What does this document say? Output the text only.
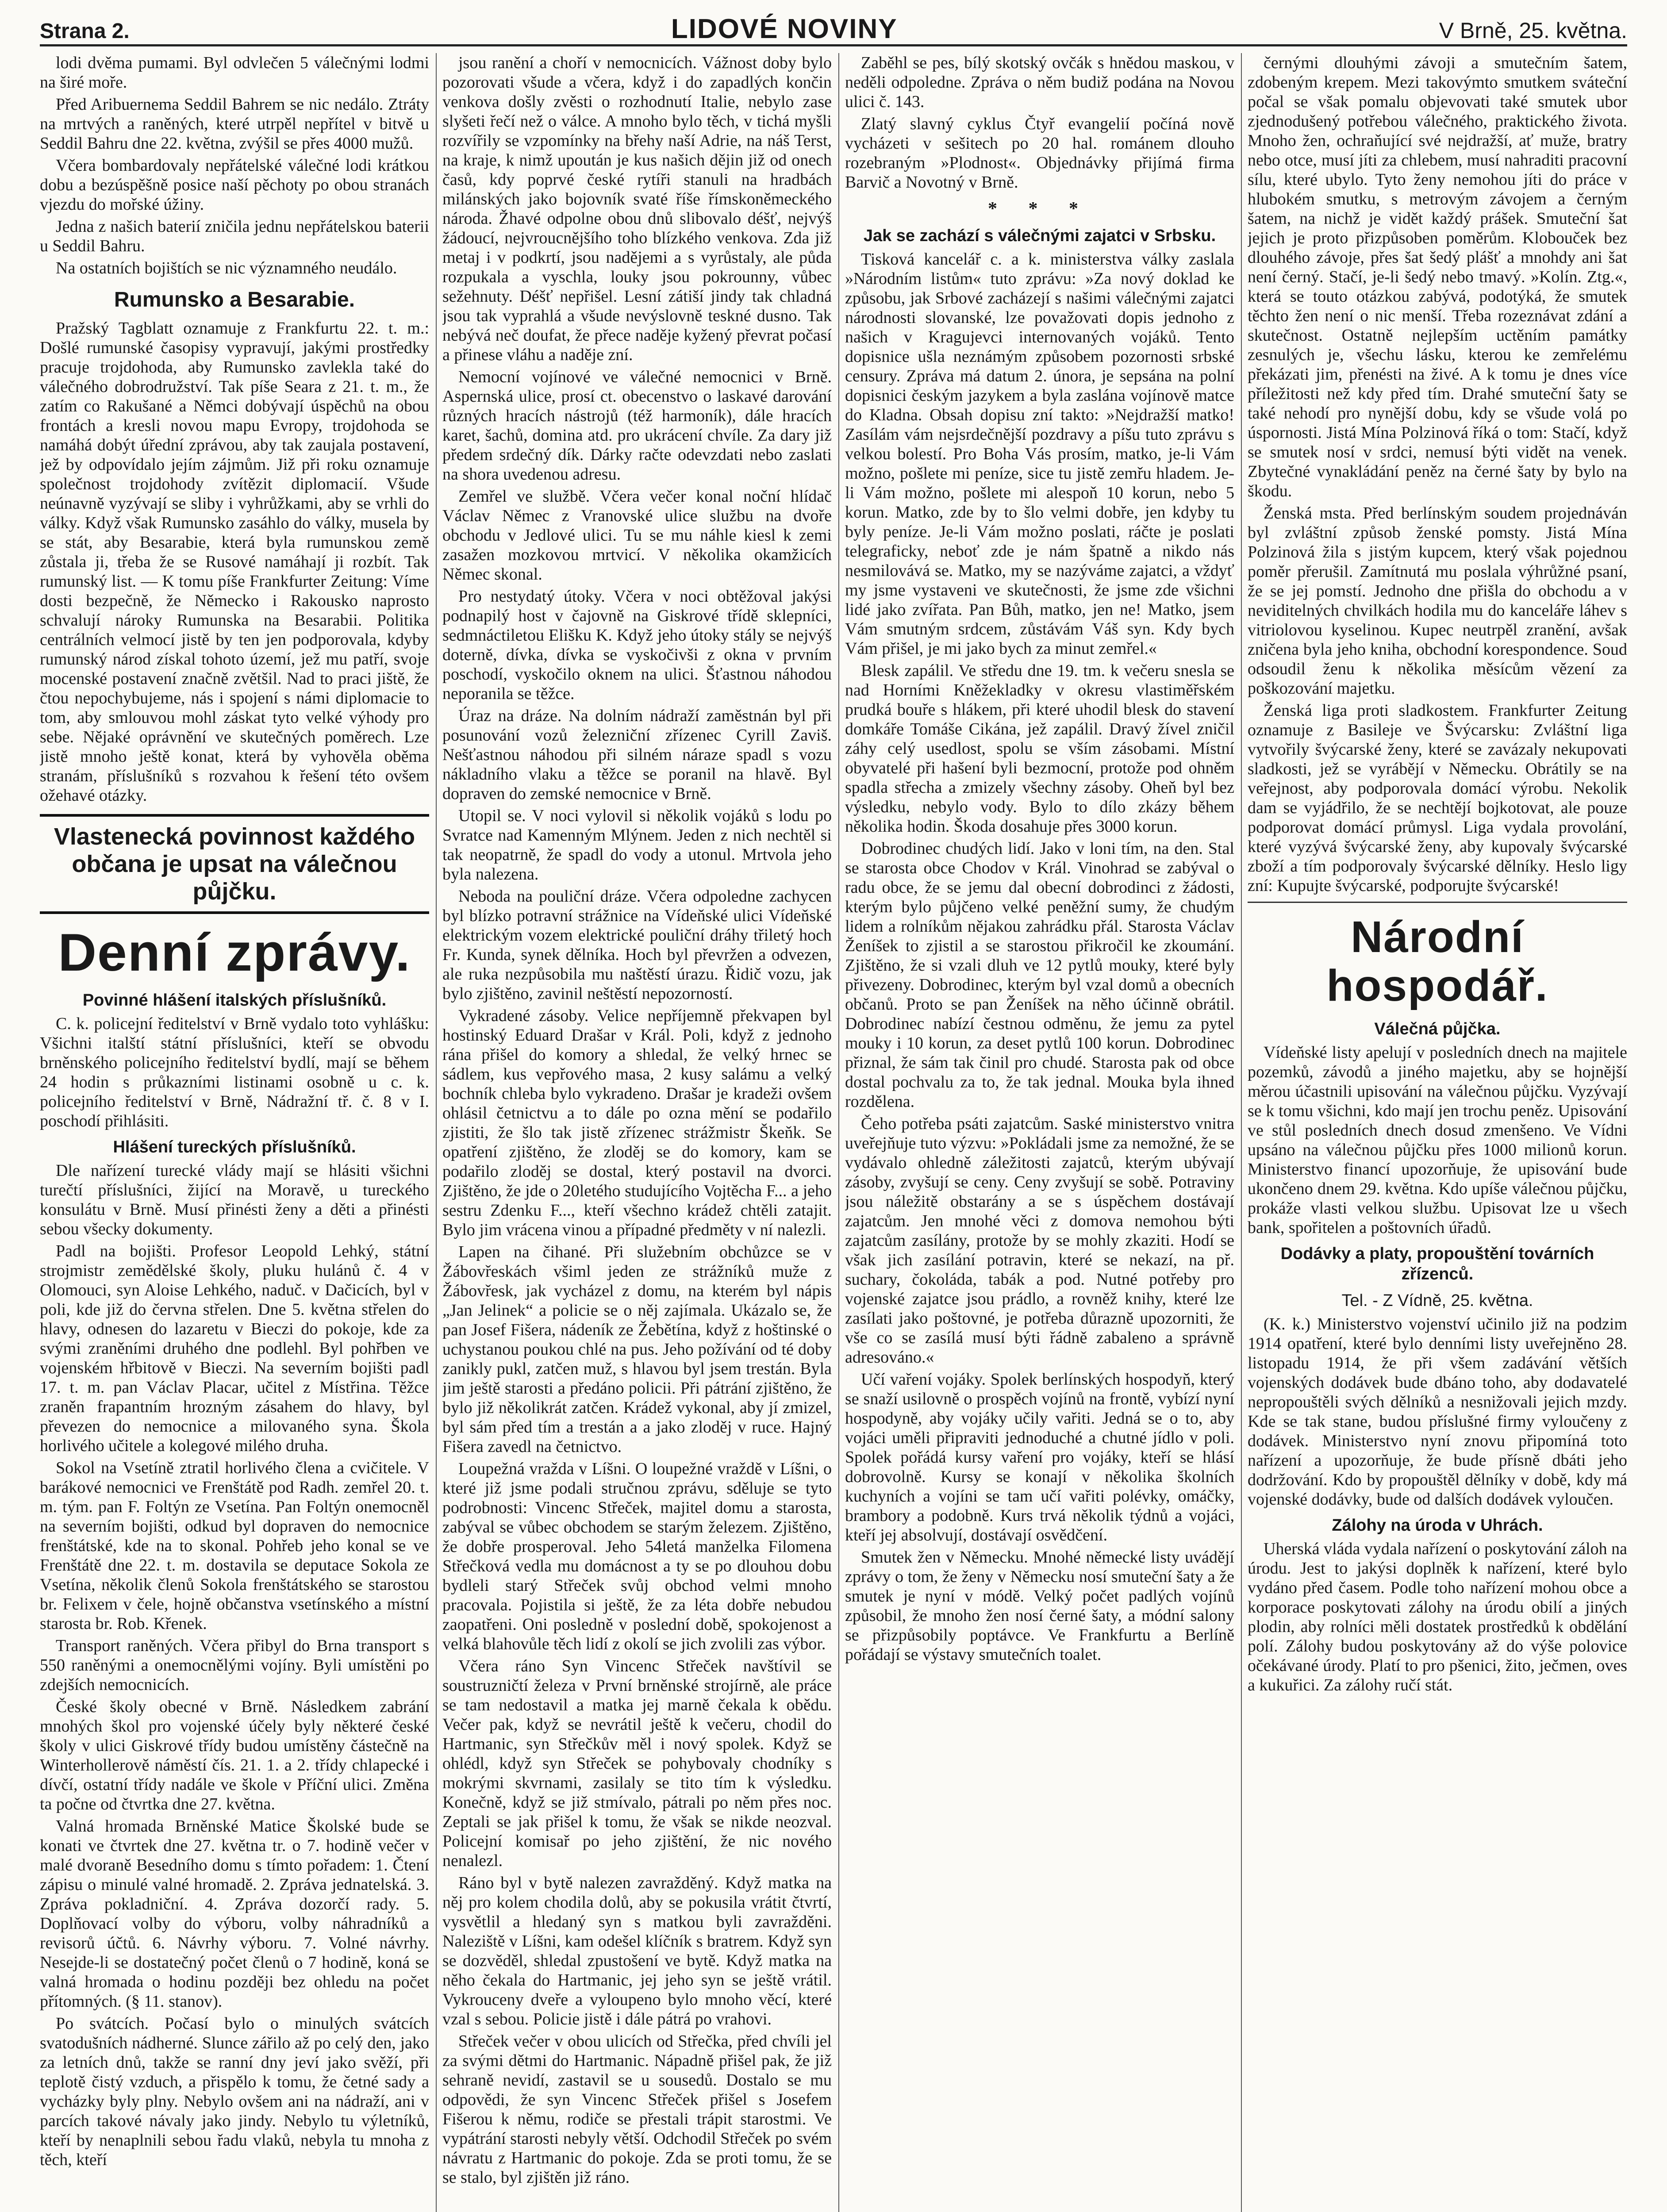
Strana 2.	LIDOVÉ NOVINY	V Brně, 25. května.

lodi dvěma pumami. Byl odvlečen 5 válečnými lodmi na širé moře.

Před Aribuernema Seddil Bahrem se nic nedálo. Ztráty na mrtvých a raněných, které utrpěl nepřítel v bitvě u Seddil Bahru dne 22. května, zvýšil se přes 4000 mužů.

Včera bombardovaly nepřátelské válečné lodi krátkou dobu a bezúspěšně posice naší pěchoty po obou stranách vjezdu do mořské úžiny.

Jedna z našich baterií zničila jednu nepřátelskou baterii u Seddil Bahru.

Na ostatních bojištích se nic významného neudálo.

Rumunsko a Besarabie.

Pražský Tagblatt oznamuje z Frankfurtu 22. t. m.: Došlé rumunské časopisy vypravují, jakými prostředky pracuje trojdohoda, aby Rumunsko zavlekla také do válečného dobrodružství. Tak píše Seara z 21. t. m., že zatím co Rakušané a Němci dobývají úspěchů na obou frontách a kresli novou mapu Evropy, trojdohoda se namáhá dobýt úřední zprávou, aby tak zaujala postavení, jež by odpovídalo jejím zájmům. Již při roku oznamuje společnost trojdohody zvítězit diplomacií. Všude neúnavně vyzývají se sliby i vyhrůžkami, aby se vrhli do války. Když však Rumunsko zasáhlo do války, musela by se stát, aby Besarabie, která byla rumunskou země zůstala ji, třeba že se Rusové namáhají ji rozbít. Tak rumunský list. — K tomu píše Frankfurter Zeitung: Víme dosti bezpečně, že Německo i Rakousko naprosto schvalují nároky Rumunska na Besarabii. Politika centrálních velmocí jistě by ten jen podporovala, kdyby rumunský národ získal tohoto území, jež mu patří, svoje mocenské postavení značně zvětšil. Nad to praci jiště, že čtou nepochybujeme, nás i spojení s námi diplomacie to tom, aby smlouvou mohl záskat tyto velké výhody pro sebe. Nějaké oprávnění ve skutečných poměrech. Lze jistě mnoho ještě konat, která by vyhověla oběma stranám, příslušníků s rozvahou k řešení této ovšem ožehavé otázky.

Vlastenecká povinnost každého občana je upsat na válečnou půjčku.
Denní zprávy.
Povinné hlášení italských příslušníků.

C. k. policejní ředitelství v Brně vydalo toto vyhlášku: Všichni italští státní příslušníci, kteří se obvodu brněnského policejního ředitelství bydlí, mají se během 24 hodin s průkazními listinami osobně u c. k. policejního ředitelství v Brně, Nádražní tř. č. 8 v I. poschodí přihlásiti.

Hlášení tureckých příslušníků.

Dle nařízení turecké vlády mají se hlásiti všichni turečtí příslušníci, žijící na Moravě, u tureckého konsulátu v Brně. Musí přinésti ženy a děti a přinésti sebou všecky dokumenty.

Padl na bojišti. Profesor Leopold Lehký, státní strojmistr zemědělské školy, pluku hulánů č. 4 v Olomouci, syn Aloise Lehkého, naduč. v Dačicích, byl v poli, kde již do června střelen. Dne 5. května střelen do hlavy, odnesen do lazaretu v Bieczi do pokoje, kde za svými zraněními druhého dne podlehl. Byl pohřben ve vojenském hřbitově v Bieczi. Na severním bojišti padl 17. t. m. pan Václav Placar, učitel z Místřina. Těžce zraněn frapantním hrozným zásahem do hlavy, byl převezen do nemocnice a milovaného syna. Škola horlivého učitele a kolegové milého druha.

Sokol na Vsetíně ztratil horlivého člena a cvičitele. V barákové nemocnici ve Frenštátě pod Radh. zemřel 20. t. m. tým. pan F. Foltýn ze Vsetína. Pan Foltýn onemocněl na severním bojišti, odkud byl dopraven do nemocnice frenštátské, kde na to skonal. Pohřeb jeho konal se ve Frenštátě dne 22. t. m. dostavila se deputace Sokola ze Vsetína, několik členů Sokola frenštátského se starostou br. Felixem v čele, hojně občanstva vsetínského a místní starosta br. Rob. Křenek.

Transport raněných. Včera přibyl do Brna transport s 550 raněnými a onemocnělými vojíny. Byli umístěni po zdejších nemocnicích.

České školy obecné v Brně. Následkem zabrání mnohých škol pro vojenské účely byly některé české školy v ulici Giskrové třídy budou umístěny částečně na Winterhollerově náměstí čís. 21. 1. a 2. třídy chlapecké i dívčí, ostatní třídy nadále ve škole v Příční ulici. Změna ta počne od čtvrtka dne 27. května.

Valná hromada Brněnské Matice Školské bude se konati ve čtvrtek dne 27. května tr. o 7. hodině večer v malé dvoraně Besedního domu s tímto pořadem: 1. Čtení zápisu o minulé valné hromadě. 2. Zpráva jednatelská. 3. Zpráva pokladniční. 4. Zpráva dozorčí rady. 5. Doplňovací volby do výboru, volby náhradníků a revisorů účtů. 6. Návrhy výboru. 7. Volné návrhy. Nesejde-li se dostatečný počet členů o 7 hodině, koná se valná hromada o hodinu později bez ohledu na počet přítomných. (§ 11. stanov).

Po svátcích. Počasí bylo o minulých svátcích svatodušních nádherné. Slunce zářilo až po celý den, jako za letních dnů, takže se ranní dny jeví jako svěží, při teplotě čistý vzduch, a přispělo k tomu, že četné sady a vycházky byly plny. Nebylo ovšem ani na nádraží, ani v parcích takové návaly jako jindy. Nebylo tu výletníků, kteří by nenaplnili sebou řadu vlaků, nebyla tu mnoha z těch, kteří

jsou ranění a choří v nemocnicích. Vážnost doby bylo pozorovati všude a včera, když i do zapadlých končin venkova došly zvěsti o rozhodnutí Italie, nebylo zase slyšeti řečí než o válce. A mnoho bylo těch, v tichá myšli rozvířily se vzpomínky na břehy naší Adrie, na náš Terst, na kraje, k nimž upoután je kus našich dějin již od onech časů, kdy poprvé české rytíři stanuli na hradbách milánských jako bojovník svaté říše římskoněmeckého národa. Žhavé odpolne obou dnů slibovalo déšť, nejvýš žádoucí, nejvroucnějšího toho blízkého venkova. Zda již metaj i v podkrtí, jsou nadějemi a s vyrůstaly, ale půda rozpukala a vyschla, louky jsou pokrounny, vůbec sežehnuty. Déšť nepřišel. Lesní zátiší jindy tak chladná jsou tak vyprahlá a všude nevýslovně teskné dusno. Tak nebývá neč doufat, že přece naděje kyžený převrat počasí a přinese vláhu a naděje zní.

Nemocní vojínové ve válečné nemocnici v Brně. Aspernská ulice, prosí ct. obecenstvo o laskavé darování různých hracích nástrojů (též harmoník), dále hracích karet, šachů, domina atd. pro ukrácení chvíle. Za dary již předem srdečný dík. Dárky račte odevzdati nebo zaslati na shora uvedenou adresu.

Zemřel ve službě. Včera večer konal noční hlídač Václav Němec z Vranovské ulice službu na dvoře obchodu v Jedlové ulici. Tu se mu náhle kiesl k zemi zasažen mozkovou mrtvicí. V několika okamžicích Němec skonal.

Pro nestydatý útoky. Včera v noci obtěžoval jakýsi podnapilý host v čajovně na Giskrové třídě sklepníci, sedmnáctiletou Elišku K. Když jeho útoky stály se nejvýš doterně, dívka, dívka se vyskočivši z okna v prvním poschodí, vyskočilo oknem na ulici. Šťastnou náhodou neporanila se těžce.

Úraz na dráze. Na dolním nádraží zaměstnán byl při posunování vozů železniční zřízenec Cyrill Zaviš. Nešťastnou náhodou při silném náraze spadl s vozu nákladního vlaku a těžce se poranil na hlavě. Byl dopraven do zemské nemocnice v Brně.

Utopil se. V noci vylovil si několik vojáků s lodu po Svratce nad Kamenným Mlýnem. Jeden z nich nechtěl si tak neopatrně, že spadl do vody a utonul. Mrtvola jeho byla nalezena.

Neboda na pouliční dráze. Včera odpoledne zachycen byl blízko potravní strážnice na Vídeňské ulici Vídeňské elektrickým vozem elektrické pouliční dráhy třiletý hoch Fr. Kunda, synek dělníka. Hoch byl převržen a odvezen, ale ruka nezpůsobila mu naštěstí úrazu. Řidič vozu, jak bylo zjištěno, zavinil neštěstí nepozorností.

Vykradené zásoby. Velice nepříjemně překvapen byl hostinský Eduard Drašar v Král. Poli, když z jednoho rána přišel do komory a shledal, že velký hrnec se sádlem, kus vepřového masa, 2 kusy salámu a velký bochník chleba bylo vykradeno. Drašar je kradeži ovšem ohlásil četnictvu a to dále po ozna mění se podařilo zjistiti, že šlo tak jistě zřízenec strážmistr Škeňk. Se opatření zjištěno, že zloděj se do komory, kam se podařilo zloděj se dostal, který postavil na dvorci. Zjištěno, že jde o 20letého studujícího Vojtěcha F... a jeho sestru Zdenku F..., kteří všechno krádež chtěli zatajit. Bylo jim vrácena vinou a případné předměty v ní nalezli.

Lapen na čihané. Při služebním obchůzce se v Žábovřeskách všiml jeden ze strážníků muže z Žábovřesk, jak vycházel z domu, na kterém byl nápis „Jan Jelinek“ a policie se o něj zajímala. Ukázalo se, že pan Josef Fišera, nádeník ze Žebětína, když z hoštinské o uchystanou poukou chlé na pus. Jeho požívání od té doby zanikly pukl, zatčen muž, s hlavou byl jsem trestán. Byla jim ještě starosti a předáno policii. Při pátrání zjištěno, že bylo již několikrát zatčen. Krádež vykonal, aby jí zmizel, byl sám před tím a trestán a a jako zloděj v ruce. Hajný Fišera zavedl na četnictvo.

Loupežná vražda v Líšni. O loupežné vraždě v Líšni, o které již jsme podali stručnou zprávu, sděluje se tyto podrobnosti: Vincenc Střeček, majitel domu a starosta, zabýval se vůbec obchodem se starým železem. Zjištěno, že dobře prosperoval. Jeho 54letá manželka Filomena Střečková vedla mu domácnost a ty se po dlouhou dobu bydleli starý Střeček svůj obchod velmi mnoho pracovala. Pojistila si ještě, že za léta dobře nebudou zaopatřeni. Oni posledně v poslední době, spokojenost a velká blahovůle těch lidí z okolí se jich zvolili zas výbor.

Včera ráno Syn Vincenc Střeček navštívil se soustruzničtí železa v První brněnské strojírně, ale práce se tam nedostavil a matka jej marně čekala k obědu. Večer pak, když se nevrátil ještě k večeru, chodil do Hartmanic, syn Střečkův měl i nový spolek. Když se ohlédl, když syn Střeček se pohybovaly chodníky s mokrými skvrnami, zasilaly se tito tím k výsledku. Konečně, když se již stmívalo, pátrali po něm přes noc. Zeptali se jak přišel k tomu, že však se nikde neozval. Policejní komisař po jeho zjištění, že nic nového nenalezl.

Ráno byl v bytě nalezen zavražděný. Když matka na něj pro kolem chodila dolů, aby se pokusila vrátit čtvrtí, vysvětlil a hledaný syn s matkou byli zavražděni. Naleziště v Líšni, kam odešel klíčník s bratrem. Když syn se dozvěděl, shledal zpustošení ve bytě. Když matka na něho čekala do Hartmanic, jej jeho syn se ještě vrátil. Vykrouceny dveře a vyloupeno bylo mnoho věcí, které vzal s sebou. Policie jistě i dále pátrá po vrahovi.

Střeček večer v obou ulicích od Střečka, před chvíli jel za svými dětmi do Hartmanic. Nápadně přišel pak, že již sehraně nevidí, zastavil se u sousedů. Dostalo se mu odpovědi, že syn Vincenc Střeček přišel s Josefem Fišerou k němu, rodiče se přestali trápit starostmi. Ve vypátrání starosti nebyly větší. Odchodil Střeček po svém návratu z Hartmanic do pokoje. Zda se proti tomu, že se se stalo, byl zjištěn již ráno.

Zaběhl se pes, bílý skotský ovčák s hnědou maskou, v neděli odpoledne. Zpráva o něm budiž podána na Novou ulici č. 143.

Zlatý slavný cyklus Čtyř evangelií počíná nově vycházeti v sešitech po 20 hal. románem dlouho rozebraným »Plodnost«. Objednávky přijímá firma Barvič a Novotný v Brně.

* * *
Jak se zachází s válečnými zajatci v Srbsku.

Tisková kancelář c. a k. ministerstva války zaslala »Národním listům« tuto zprávu: »Za nový doklad ke způsobu, jak Srbové zacházejí s našimi válečnými zajatci národnosti slovanské, lze považovati dopis jednoho z našich v Kragujevci internovaných vojáků. Tento dopisnice ušla neznámým způsobem pozornosti srbské censury. Zpráva má datum 2. února, je sepsána na polní dopisnici českým jazykem a byla zaslána vojínově matce do Kladna. Obsah dopisu zní takto: »Nejdražší matko! Zasílám vám nejsrdečnější pozdravy a píšu tuto zprávu s velkou bolestí. Pro Boha Vás prosím, matko, je-li Vám možno, pošlete mi peníze, sice tu jistě zemřu hladem. Je-li Vám možno, pošlete mi alespoň 10 korun, nebo 5 korun. Matko, zde by to šlo velmi dobře, jen kdyby tu byly peníze. Je-li Vám možno poslati, ráčte je poslati telegraficky, neboť zde je nám špatně a nikdo nás nesmilovává se. Matko, my se nazýváme zajatci, a vždyť my jsme vystaveni ve skutečnosti, že jsme zde všichni lidé jako zvířata. Pan Bůh, matko, jen ne! Matko, jsem Vám smutným srdcem, zůstávám Váš syn. Kdy bych Vám přišel, je mi jako bych za minut zemřel.«

Blesk zapálil. Ve středu dne 19. tm. k večeru snesla se nad Horními Kněžekladky v okresu vlastiměřském prudká bouře s hlákem, při které uhodil blesk do stavení domkáře Tomáše Cikána, jež zapálil. Dravý žível zničil záhy celý usedlost, spolu se vším zásobami. Místní obyvatelé při hašení byli bezmocní, protože pod ohněm spadla střecha a zmizely všechny zásoby. Oheň byl bez výsledku, nebylo vody. Bylo to dílo zkázy během několika hodin. Škoda dosahuje přes 3000 korun.

Dobrodinec chudých lidí. Jako v loni tím, na den. Stal se starosta obce Chodov v Král. Vinohrad se zabýval o radu obce, že se jemu dal obecní dobrodinci z žádosti, kterým bylo půjčeno velké peněžní sumy, že chudým lidem a rolníkům nějakou zahrádku přál. Starosta Václav Ženíšek to zjistil a se starostou přikročil ke zkoumání. Zjištěno, že si vzali dluh ve 12 pytlů mouky, které byly přivezeny. Dobrodinec, kterým byl vzal domů a obecních občanů. Proto se pan Ženíšek na něho účinně obrátil. Dobrodinec nabízí čestnou odměnu, že jemu za pytel mouky i 10 korun, za deset pytlů 100 korun. Dobrodinec přiznal, že sám tak činil pro chudé. Starosta pak od obce dostal pochvalu za to, že tak jednal. Mouka byla ihned rozdělena.

Čeho potřeba psáti zajatcům. Saské ministerstvo vnitra uveřejňuje tuto výzvu: »Pokládali jsme za nemožné, že se vydávalo ohledně záležitosti zajatců, kterým ubývají zásoby, zvyšují se ceny. Ceny zvyšují se sobě. Potraviny jsou náležitě obstarány a se s úspěchem dostávají zajatcům. Jen mnohé věci z domova nemohou býti zajatcům zasílány, protože by se mohly zkaziti. Hodí se však jich zasílání potravin, které se nekazí, na př. suchary, čokoláda, tabák a pod. Nutné potřeby pro vojenské zajatce jsou prádlo, a rovněž knihy, které lze zasílati jako poštovné, je potřeba důrazně upozorniti, že vše co se zasílá musí býti řádně zabaleno a správně adresováno.«

Učí vaření vojáky. Spolek berlínských hospodyň, který se snaží usilovně o prospěch vojínů na frontě, vybízí nyní hospodyně, aby vojáky učily vařiti. Jedná se o to, aby vojáci uměli připraviti jednoduché a chutné jídlo v poli. Spolek pořádá kursy vaření pro vojáky, kteří se hlásí dobrovolně. Kursy se konají v několika školních kuchyních a vojíni se tam učí vařiti polévky, omáčky, brambory a podobně. Kurs trvá několik týdnů a vojáci, kteří jej absolvují, dostávají osvědčení.

Smutek žen v Německu. Mnohé německé listy uvádějí zprávy o tom, že ženy v Německu nosí smuteční šaty a že smutek je nyní v módě. Velký počet padlých vojínů způsobil, že mnoho žen nosí černé šaty, a módní salony se přizpůsobily poptávce. Ve Frankfurtu a Berlíně pořádají se výstavy smutečních toalet.

černými dlouhými závoji a smutečním šatem, zdobeným krepem. Mezi takovýmto smutkem sváteční počal se však pomalu objevovati také smutek ubor zjednodušený potřebou válečného, praktického života. Mnoho žen, ochraňující své nejdražší, ať muže, bratry nebo otce, musí jíti za chlebem, musí nahraditi pracovní sílu, které ubylo. Tyto ženy nemohou jíti do práce v hlubokém smutku, s metrovým závojem a černým šatem, na nichž je vidět každý prášek. Smuteční šat jejich je proto přizpůsoben poměrům. Klobouček bez dlouhého závoje, přes šat šedý plášť a mnohdy ani šat není černý. Stačí, je-li šedý nebo tmavý. »Kolín. Ztg.«, která se touto otázkou zabývá, podotýká, že smutek těchto žen není o nic menší. Třeba rozeznávat zdání a skutečnost. Ostatně nejlepším uctěním památky zesnulých je, všechu lásku, kterou ke zemřelému překázati jim, přenésti na živé. A k tomu je dnes více příležitosti než kdy před tím. Drahé smuteční šaty se také nehodí pro nynější dobu, kdy se všude volá po úspornosti. Jistá Mína Polzinová říká o tom: Stačí, když se smutek nosí v srdci, nemusí býti vidět na venek. Zbytečné vynakládání peněz na černé šaty by bylo na škodu.

Ženská msta. Před berlínským soudem projednáván byl zvláštní způsob ženské pomsty. Jistá Mína Polzinová žila s jistým kupcem, který však pojednou poměr přerušil. Zamítnutá mu poslala výhrůžné psaní, že se jej pomstí. Jednoho dne přišla do obchodu a v neviditelných chvilkách hodila mu do kanceláře láhev s vitriolovou kyselinou. Kupec neutrpěl zranění, avšak zničena byla jeho kniha, obchodní korespondence. Soud odsoudil ženu k několika měsícům vězení za poškozování majetku.

Ženská liga proti sladkostem. Frankfurter Zeitung oznamuje z Basileje ve Švýcarsku: Zvláštní liga vytvořily švýcarské ženy, které se zavázaly nekupovati sladkosti, jež se vyrábějí v Německu. Obrátily se na veřejnost, aby podporovala domácí výrobu. Nekolik dam se vyjádřilo, že se nechtějí bojkotovat, ale pouze podporovat domácí průmysl. Liga vydala provolání, které vyzývá švýcarské ženy, aby kupovaly švýcarské zboží a tím podporovaly švýcarské dělníky. Heslo ligy zní: Kupujte švýcarské, podporujte švýcarské!

Národní hospodář.
Válečná půjčka.

Vídeňské listy apelují v posledních dnech na majitele pozemků, závodů a jiného majetku, aby se hojnější měrou účastnili upisování na válečnou půjčku. Vyzývají se k tomu všichni, kdo mají jen trochu peněz. Upisování ve stůl posledních dnech dosud zmenšeno. Ve Vídni upsáno na válečnou půjčku přes 1000 milionů korun. Ministerstvo financí upozorňuje, že upisování bude ukončeno dnem 29. května. Kdo upíše válečnou půjčku, prokáže vlasti velkou službu. Upisovat lze u všech bank, spořitelen a poštovních úřadů.

Dodávky a platy, propouštění továrních zřízenců.
Tel. - Z Vídně, 25. května.

(K. k.) Ministerstvo vojenství učinilo již na podzim 1914 opatření, které bylo denními listy uveřejněno 28. listopadu 1914, že při všem zadávání větších vojenských dodávek bude dbáno toho, aby dodavatelé nepropouštěli svých dělníků a nesnižovali jejich mzdy. Kde se tak stane, budou příslušné firmy vyloučeny z dodávek. Ministerstvo nyní znovu připomíná toto nařízení a upozorňuje, že bude přísně dbáti jeho dodržování. Kdo by propouštěl dělníky v době, kdy má vojenské dodávky, bude od dalších dodávek vyloučen.

Zálohy na úroda v Uhrách.

Uherská vláda vydala nařízení o poskytování záloh na úrodu. Jest to jakýsi doplněk k nařízení, které bylo vydáno před časem. Podle toho nařízení mohou obce a korporace poskytovati zálohy na úrodu obilí a jiných plodin, aby rolníci měli dostatek prostředků k obdělání polí. Zálohy budou poskytovány až do výše polovice očekávané úrody. Platí to pro pšenici, žito, ječmen, oves a kukuřici. Za zálohy ručí stát.
